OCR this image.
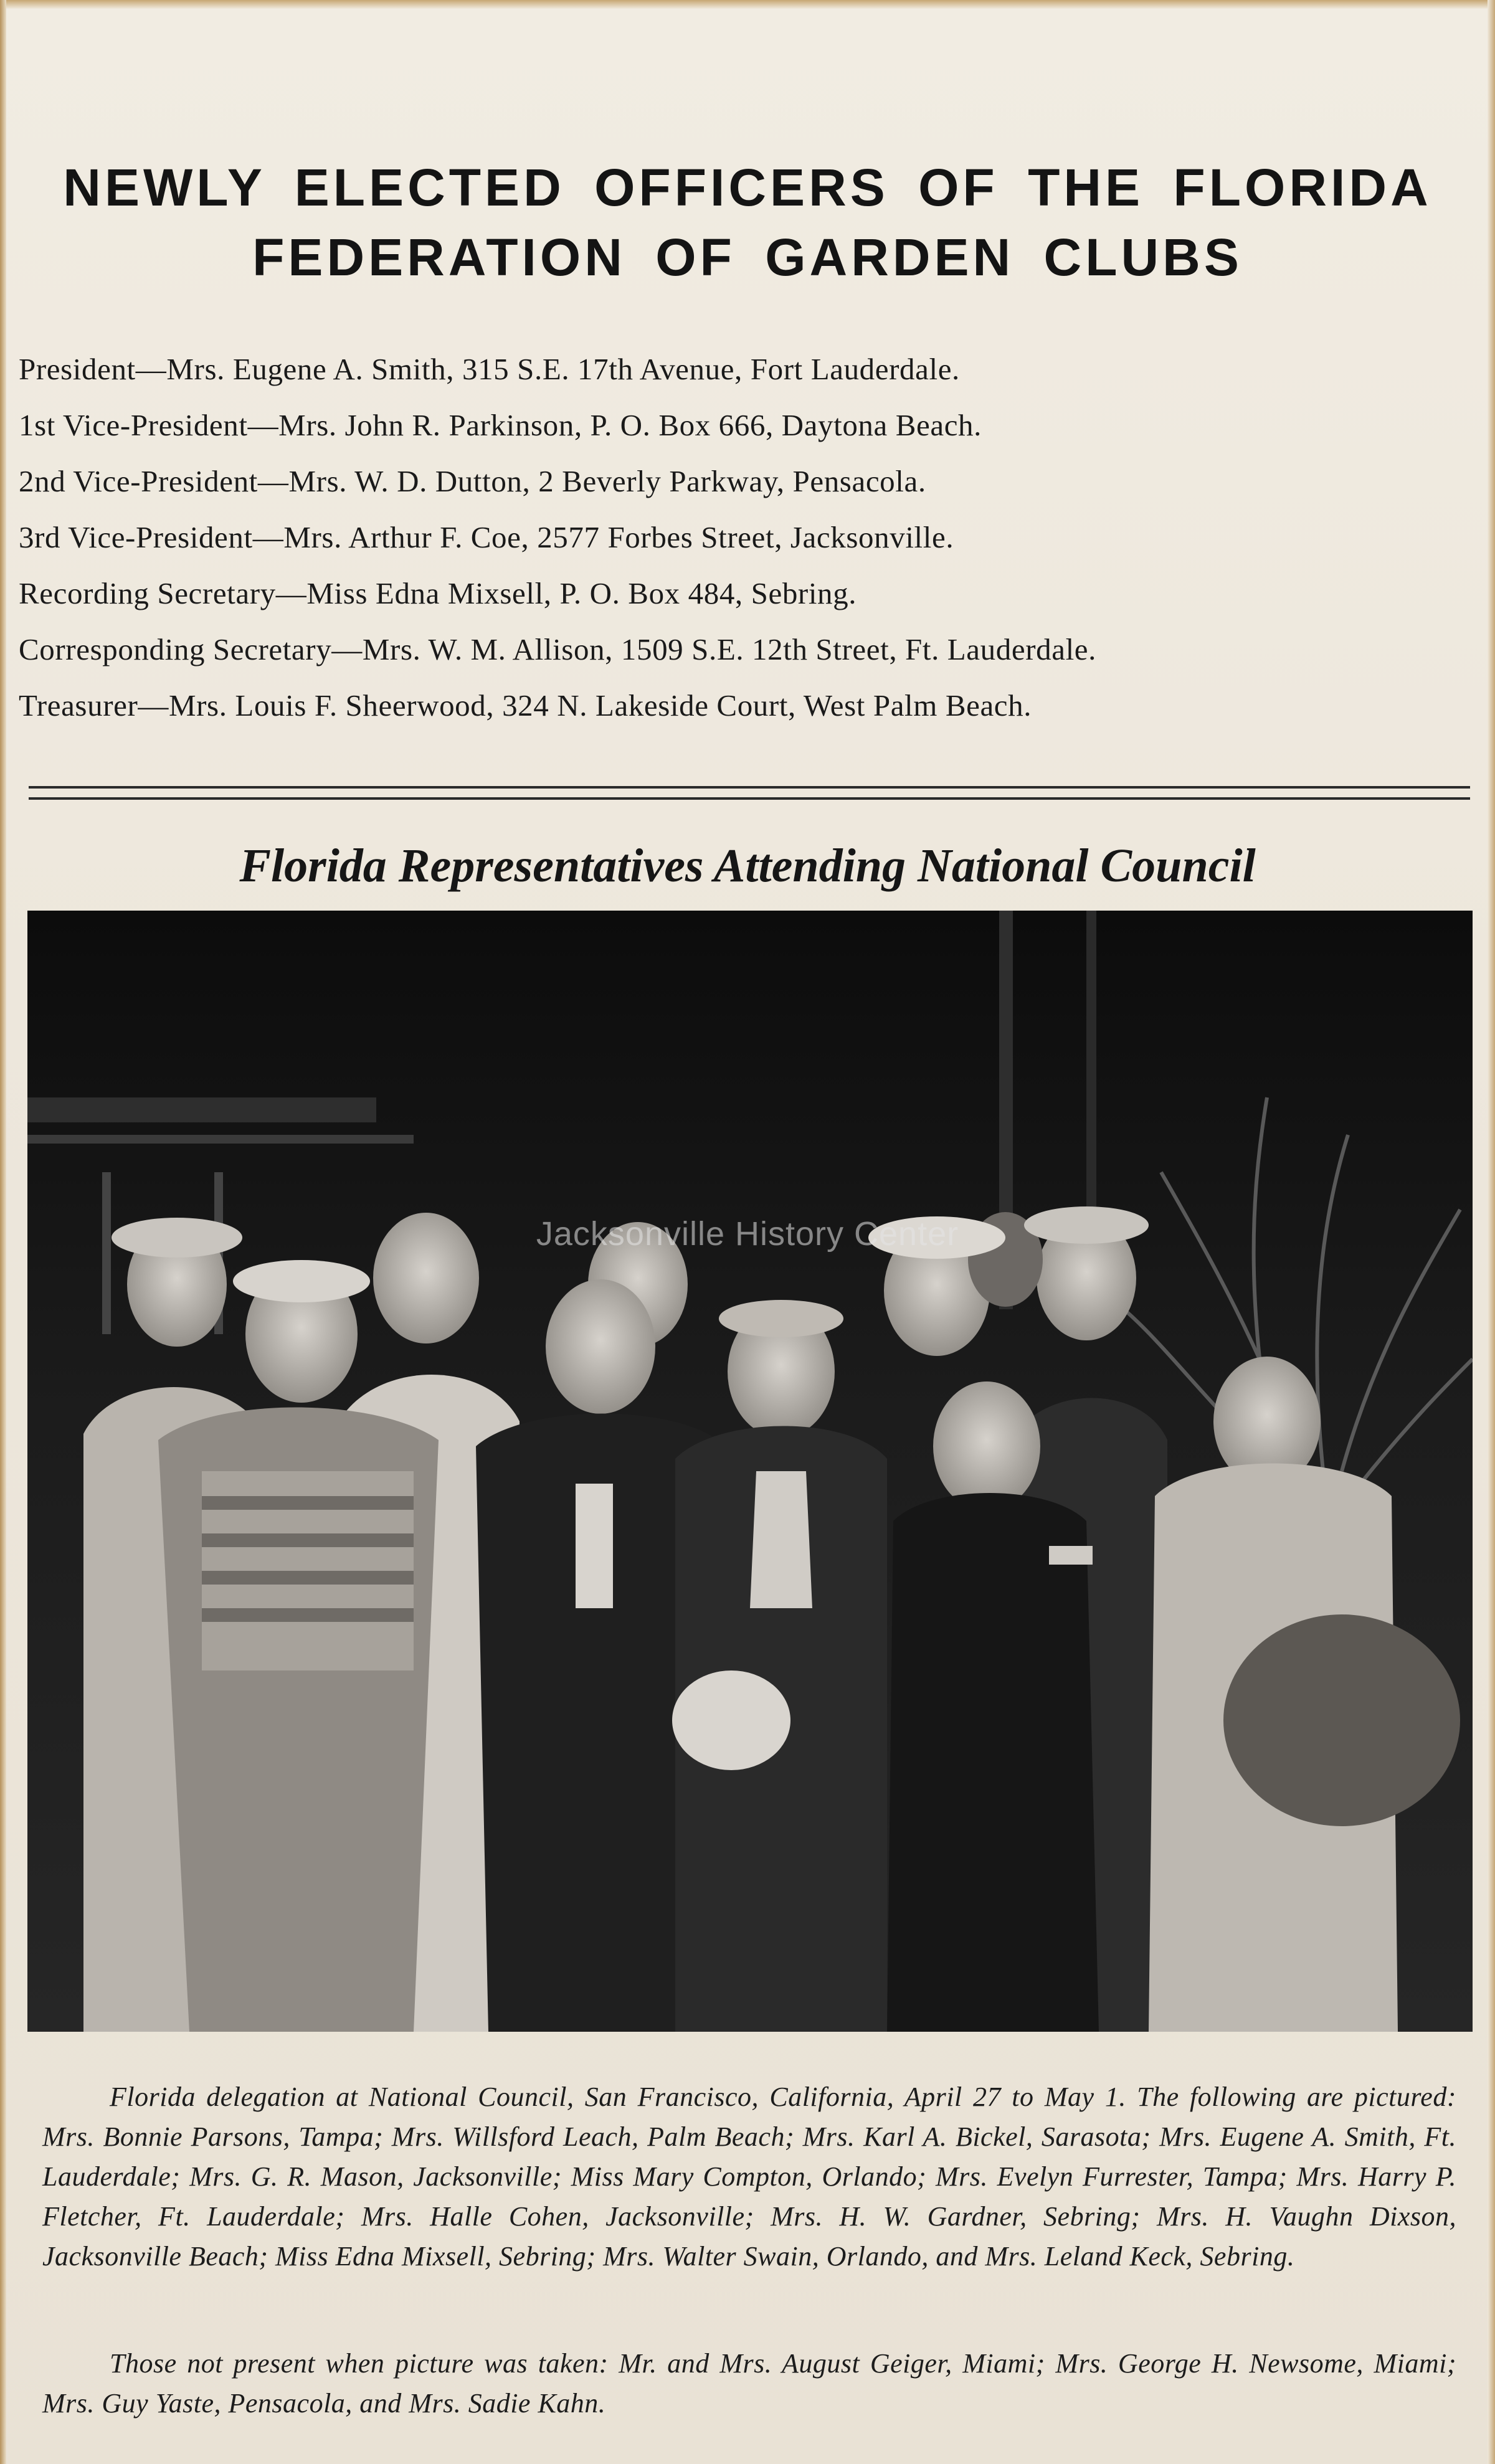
NEWLY ELECTED OFFICERS OF THE FLORIDA
FEDERATION OF GARDEN CLUBS
President—Mrs. Eugene A. Smith, 315 S.E. 17th Avenue, Fort Lauderdale.
1st Vice-President—Mrs. John R. Parkinson, P. O. Box 666, Daytona Beach.
2nd Vice-President—Mrs. W. D. Dutton, 2 Beverly Parkway, Pensacola.
3rd Vice-President—Mrs. Arthur F. Coe, 2577 Forbes Street, Jacksonville.
Recording Secretary—Miss Edna Mixsell, P. O. Box 484, Sebring.
Corresponding Secretary—Mrs. W. M. Allison, 1509 S.E. 12th Street, Ft. Lauderdale.
Treasurer—Mrs. Louis F. Sheerwood, 324 N. Lakeside Court, West Palm Beach.
Florida Representatives Attending National Council
Jacksonville History Center

Florida delegation at National Council, San Francisco, California, April 27 to May 1. The following are pictured: Mrs. Bonnie Parsons, Tampa; Mrs. Willsford Leach, Palm Beach; Mrs. Karl A. Bickel, Sarasota; Mrs. Eugene A. Smith, Ft. Lauderdale; Mrs. G. R. Mason, Jacksonville; Miss Mary Compton, Orlando; Mrs. Evelyn Furrester, Tampa; Mrs. Harry P. Fletcher, Ft. Lauderdale; Mrs. Halle Cohen, Jacksonville; Mrs. H. W. Gardner, Sebring; Mrs. H. Vaughn Dixson, Jacksonville Beach; Miss Edna Mixsell, Sebring; Mrs. Walter Swain, Orlando, and Mrs. Leland Keck, Sebring.

Those not present when picture was taken: Mr. and Mrs. August Geiger, Miami; Mrs. George H. Newsome, Miami; Mrs. Guy Yaste, Pensacola, and Mrs. Sadie Kahn.
